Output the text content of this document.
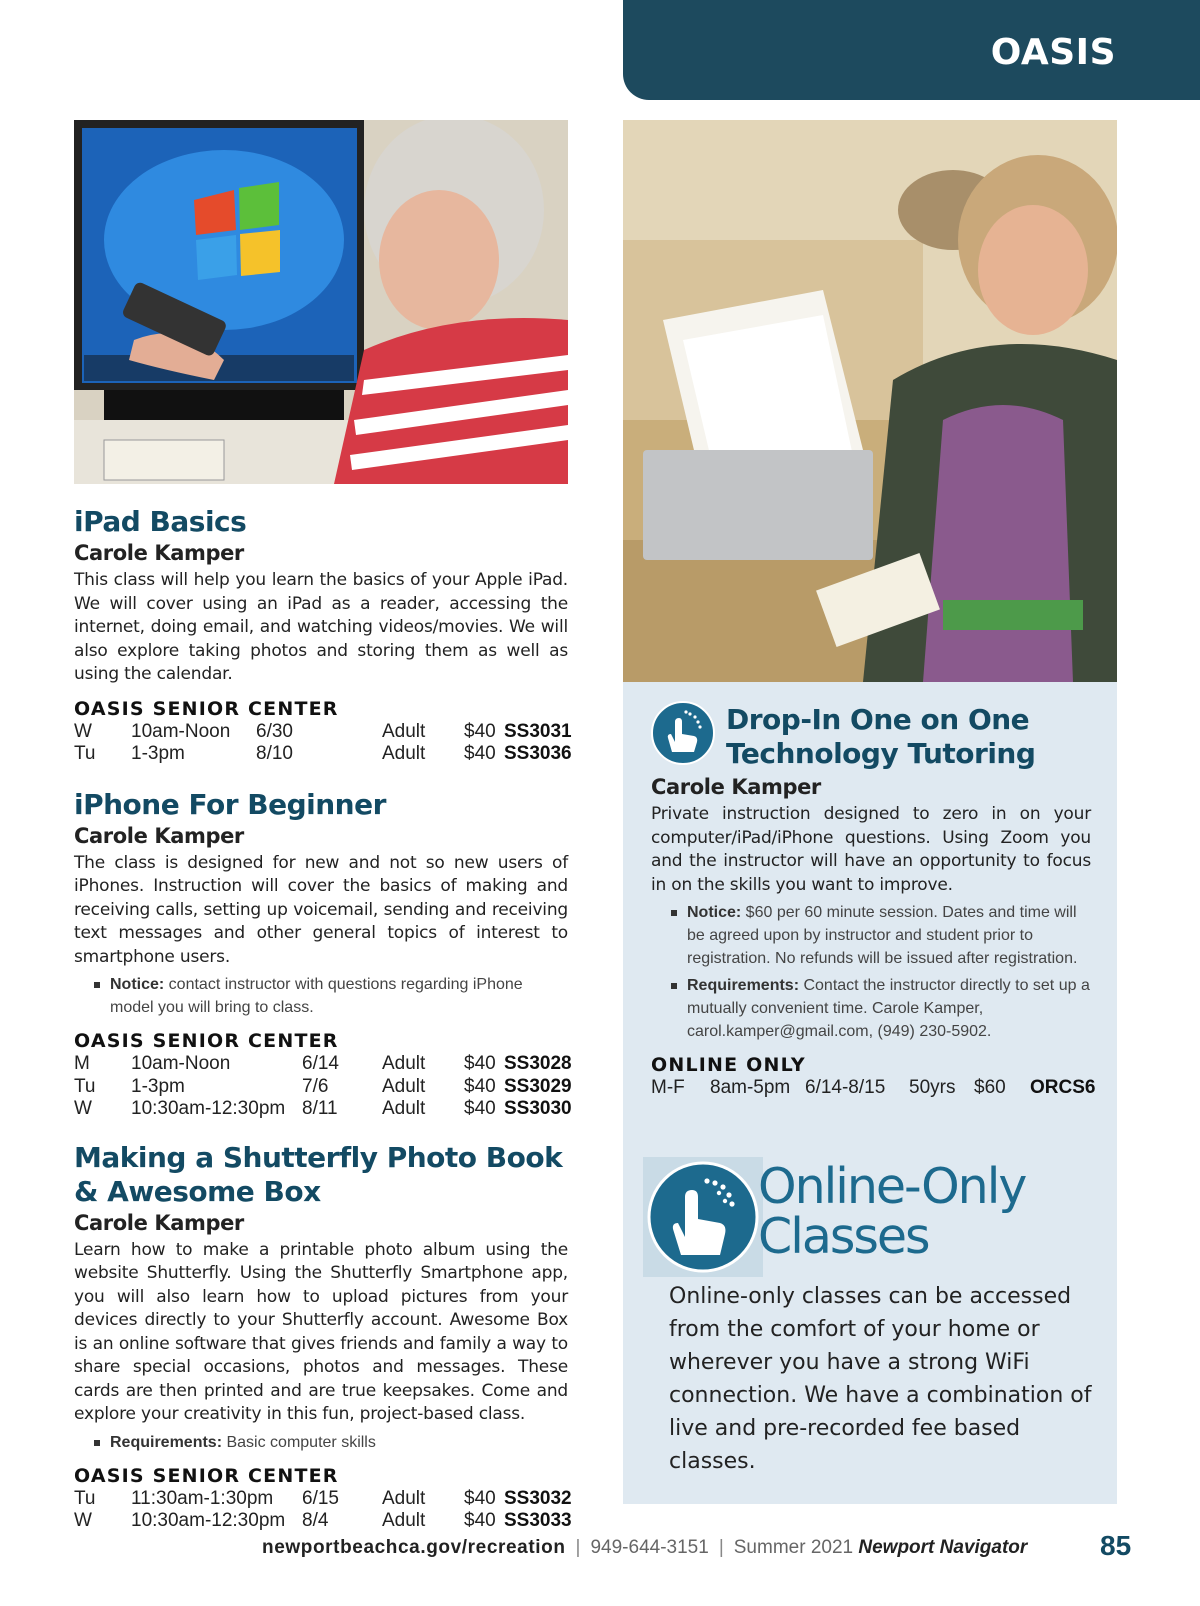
OASIS
iPad Basics
Carole Kamper

This class will help you learn the basics of your Apple iPad. We will cover using an iPad as a reader, accessing the internet, doing email, and watching videos/movies. We will also explore taking photos and storing them as well as using the calendar.

OASIS SENIOR CENTER
W 10am-Noon 6/30	Adult $40 SS3031
Tu 1-3pm	8/10	Adult $40 SS3036
iPhone For Beginner
Carole Kamper

The class is designed for new and not so new users of iPhones. Instruction will cover the basics of making and receiving calls, setting up voicemail, sending and receiving text messages and other general topics of interest to smartphone users.

Notice: contact instructor with questions regarding iPhone model you will bring to class.
OASIS SENIOR CENTER
M 10am-Noon	6/14 Adult $40 SS3028
Tu 1-3pm	7/6	Adult $40 SS3029
W 10:30am-12:30pm 8/11 Adult $40 SS3030
Making a Shutterfly Photo Book & Awesome Box
Carole Kamper

Learn how to make a printable photo album using the website Shutterfly. Using the Shutterfly Smartphone app, you will also learn how to upload pictures from your devices directly to your Shutterfly account. Awesome Box is an online software that gives friends and family a way to share special occasions, photos and messages. These cards are then printed and are true keepsakes. Come and explore your creativity in this fun, project-based class.

Requirements: Basic computer skills
OASIS SENIOR CENTER
Tu 11:30am-1:30pm 6/15 Adult $40 SS3032
W 10:30am-12:30pm 8/4	Adult $40 SS3033
Drop-In One on One
Technology Tutoring
Carole Kamper

Private instruction designed to zero in on your computer/iPad/iPhone questions. Using Zoom you and the instructor will have an opportunity to focus in on the skills you want to improve.

Notice: $60 per 60 minute session. Dates and time will be agreed upon by instructor and student prior to registration. No refunds will be issued after registration.
Requirements: Contact the instructor directly to set up a mutually convenient time. Carole Kamper, carol.kamper@gmail.com, (949) 230-5902.
ONLINE ONLY
M-F 8am-5pm 6/14-8/15 50yrs $60 ORCS6
Online-Only
Classes
Online-only classes can be accessed from the comfort of your home or wherever you have a strong WiFi connection. We have a combination of live and pre-recorded fee based classes.
newportbeachca.gov/recreation | 949-644-3151 | Summer 2021 Newport Navigator	85
